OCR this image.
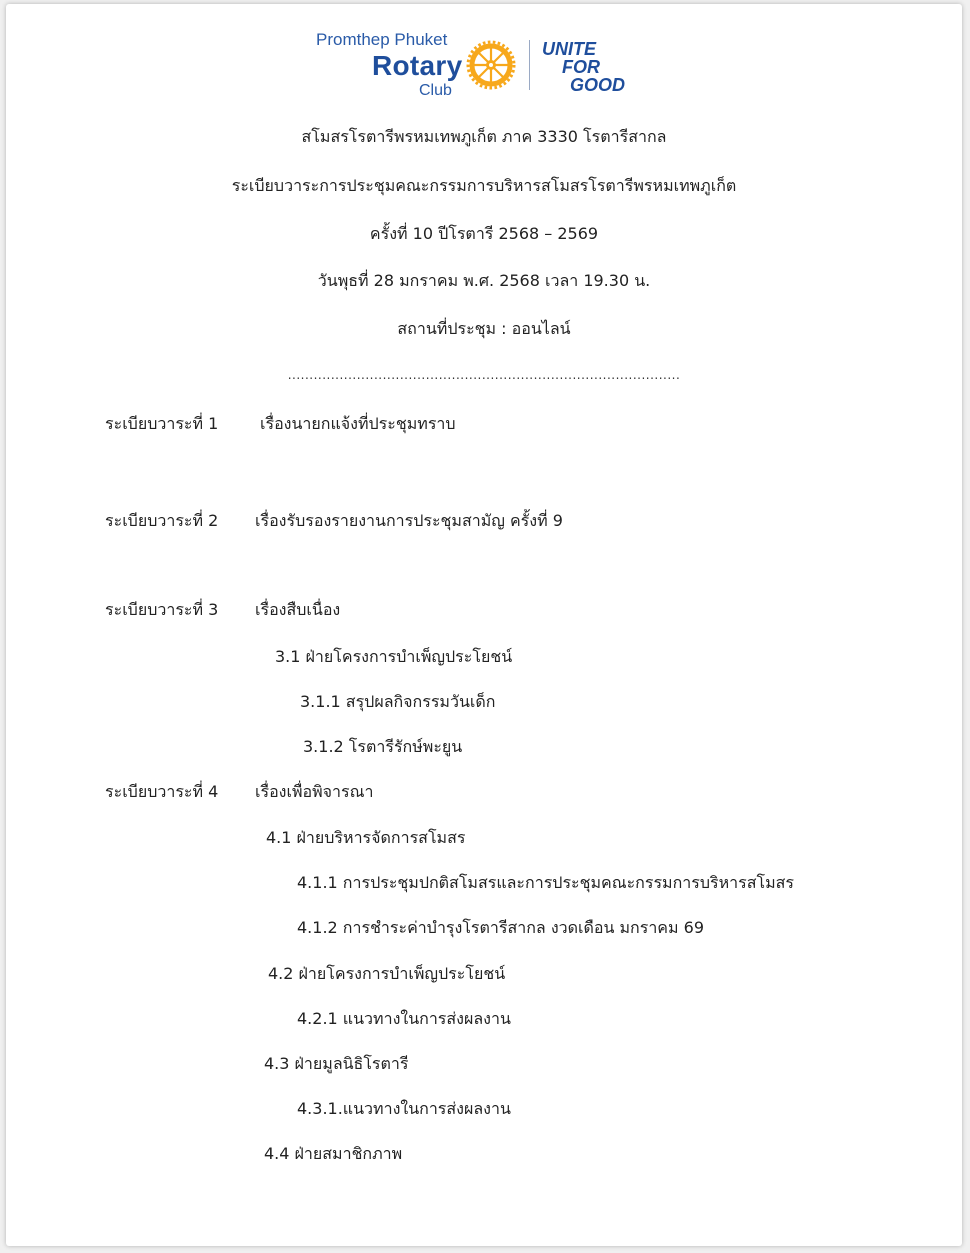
Promthep Phuket
Rotary
Club
UNITE
FOR
GOOD
สโมสรโรตารีพรหมเทพภูเก็ต ภาค 3330 โรตารีสากล
ระเบียบวาระการประชุมคณะกรรมการบริหารสโมสรโรตารีพรหมเทพภูเก็ต
ครั้งที่ 10 ปีโรตารี 2568 – 2569
วันพุธที่ 28 มกราคม พ.ศ. 2568 เวลา 19.30 น.
สถานที่ประชุม : ออนไลน์
...........................................................................................
ระเบียบวาระที่ 1	เรื่องนายกแจ้งที่ประชุมทราบ
ระเบียบวาระที่ 2 เรื่องรับรองรายงานการประชุมสามัญ ครั้งที่ 9
ระเบียบวาระที่ 3 เรื่องสืบเนื่อง
3.1 ฝ่ายโครงการบำเพ็ญประโยชน์
3.1.1 สรุปผลกิจกรรมวันเด็ก
3.1.2 โรตารีรักษ์พะยูน
ระเบียบวาระที่ 4 เรื่องเพื่อพิจารณา
4.1 ฝ่ายบริหารจัดการสโมสร
4.1.1 การประชุมปกติสโมสรและการประชุมคณะกรรมการบริหารสโมสร
4.1.2 การชำระค่าบำรุงโรตารีสากล งวดเดือน มกราคม 69
4.2 ฝ่ายโครงการบำเพ็ญประโยชน์
4.2.1 แนวทางในการส่งผลงาน
4.3 ฝ่ายมูลนิธิโรตารี
4.3.1.แนวทางในการส่งผลงาน
4.4 ฝ่ายสมาชิกภาพ
